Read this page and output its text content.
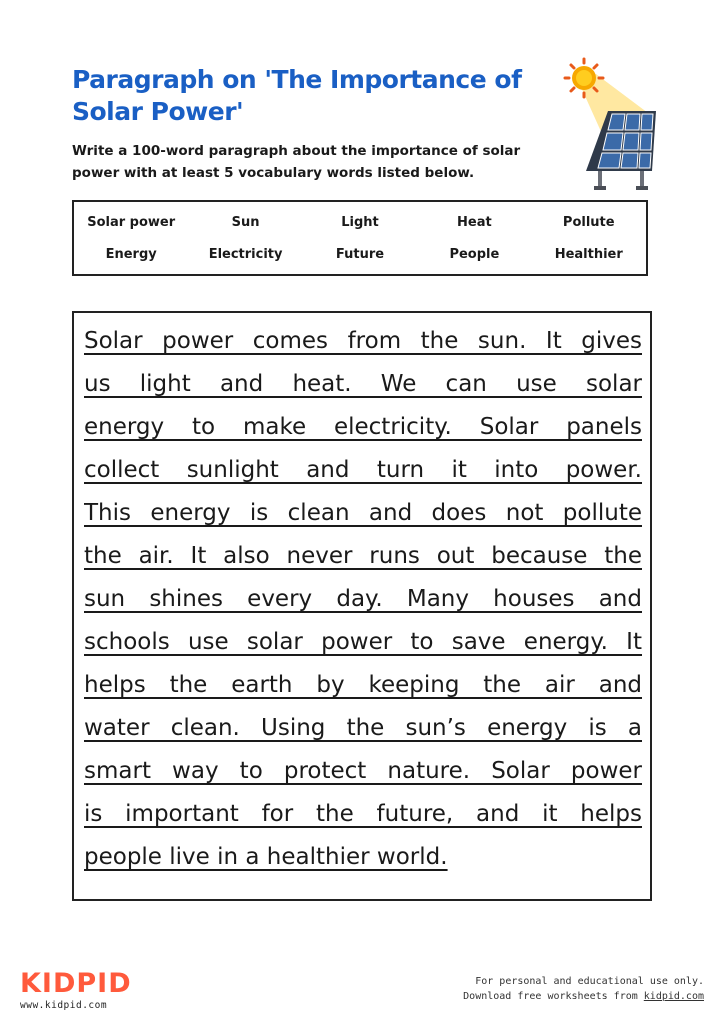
Paragraph on 'The Importance of Solar Power'
Write a 100-word paragraph about the importance of solar power with at least 5 vocabulary words listed below.
Solar power	Sun	Light	Heat	Pollute
Energy	Electricity	Future	People	Healthier
Solar power comes from the sun. It gives
us light and heat. We can use solar
energy to make electricity. Solar panels
collect sunlight and turn it into power.
This energy is clean and does not pollute
the air. It also never runs out because the
sun shines every day. Many houses and
schools use solar power to save energy. It
helps the earth by keeping the air and
water clean. Using the sun’s energy is a
smart way to protect nature. Solar power
is important for the future, and it helps
people live in a healthier world.
KIDPID
www.kidpid.com
For personal and educational use only.
Download free worksheets from kidpid.com
